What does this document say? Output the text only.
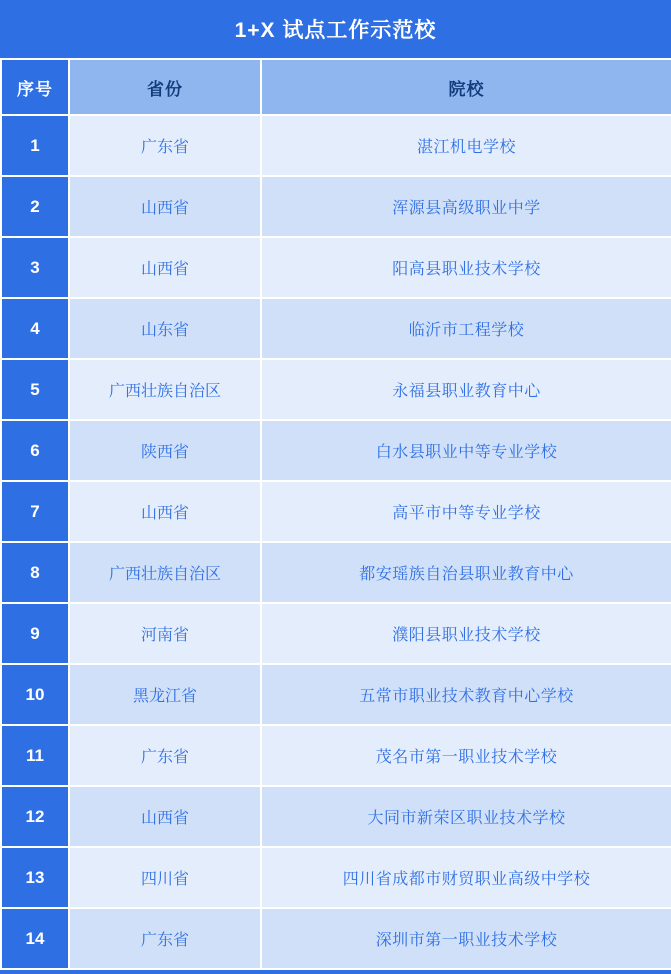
1+X 试点工作示范校
序号	省份	院校
1	广东省	湛江机电学校
2	山西省	浑源县高级职业中学
3	山西省	阳高县职业技术学校
4	山东省	临沂市工程学校
5	广西壮族自治区	永福县职业教育中心
6	陕西省	白水县职业中等专业学校
7	山西省	高平市中等专业学校
8	广西壮族自治区	都安瑶族自治县职业教育中心
9	河南省	濮阳县职业技术学校
10	黑龙江省	五常市职业技术教育中心学校
11	广东省	茂名市第一职业技术学校
12	山西省	大同市新荣区职业技术学校
13	四川省	四川省成都市财贸职业高级中学校
14	广东省	深圳市第一职业技术学校
